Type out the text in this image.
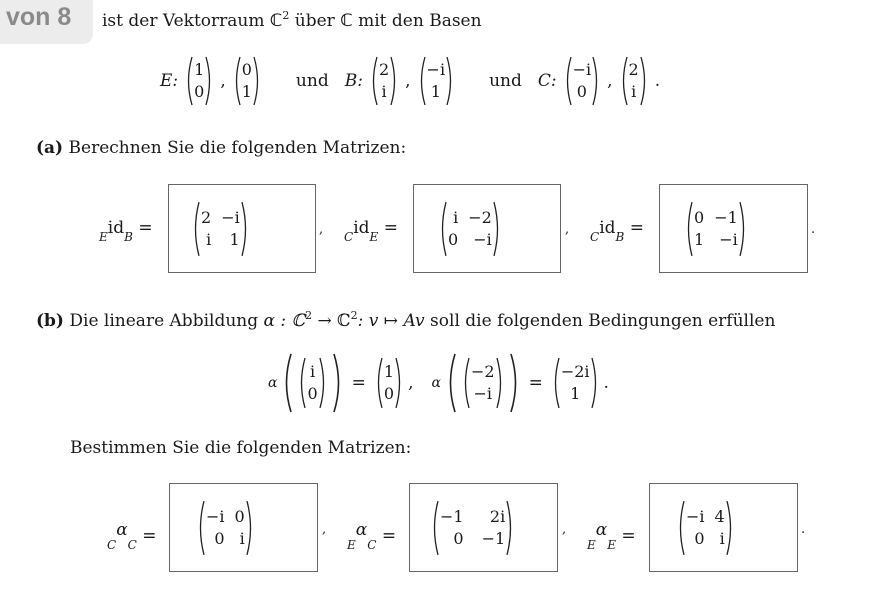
von 8	ist der Vektorraum ℂ$^2$ über ℂ mit den Basen
E:
1
0
,
0
1
und B:
2
i
,
−i
1
und C:
−i
0
,
2
i
.
(a) Berechnen Sie die folgenden Matrizen:
$_Eid_B$ =
2 −i
i	1
, $_Cid_E$ =
i −2
0 −i
, $_Cid_B$ =
0 −1
1 −i
.
(b) Die lineare Abbildung α : ℂ$^2$ → ℂ$^2$: v ↦ Av soll die folgenden Bedingungen erfüllen
α
i
0
=
1
0
, α
−2
−i
=
−2i
1
.
Bestimmen Sie die folgenden Matrizen:
$_C\alpha_C$ =
−i 0
0 i	,
$_E\alpha_C$ =
−1	2i
0 −1	,
$_E\alpha_E$ =
−i 4
0 i	.
